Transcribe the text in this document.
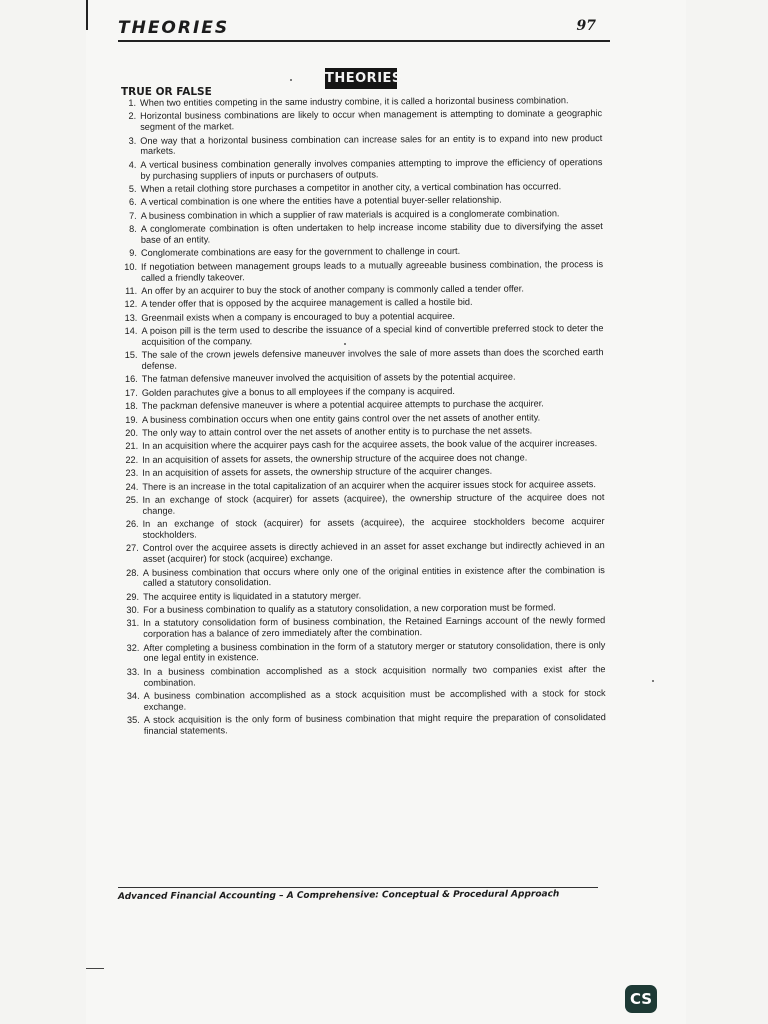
THEORIES	97
THEORIES
TRUE OR FALSE
1. When two entities competing in the same industry combine, it is called a horizontal business combination.
2. Horizontal business combinations are likely to occur when management is attempting to dominate a geographic segment of the market.
3. One way that a horizontal business combination can increase sales for an entity is to expand into new product markets.
4. A vertical business combination generally involves companies attempting to improve the efficiency of operations by purchasing suppliers of inputs or purchasers of outputs.
5. When a retail clothing store purchases a competitor in another city, a vertical combination has occurred.
6. A vertical combination is one where the entities have a potential buyer-seller relationship.
7. A business combination in which a supplier of raw materials is acquired is a conglomerate combination.
8. A conglomerate combination is often undertaken to help increase income stability due to diversifying the asset base of an entity.
9. Conglomerate combinations are easy for the government to challenge in court.
10. If negotiation between management groups leads to a mutually agreeable business combination, the process is called a friendly takeover.
11. An offer by an acquirer to buy the stock of another company is commonly called a tender offer.
12. A tender offer that is opposed by the acquiree management is called a hostile bid.
13. Greenmail exists when a company is encouraged to buy a potential acquiree.
14. A poison pill is the term used to describe the issuance of a special kind of convertible preferred stock to deter the acquisition of the company.
15. The sale of the crown jewels defensive maneuver involves the sale of more assets than does the scorched earth defense.
16. The fatman defensive maneuver involved the acquisition of assets by the potential acquiree.
17. Golden parachutes give a bonus to all employees if the company is acquired.
18. The packman defensive maneuver is where a potential acquiree attempts to purchase the acquirer.
19. A business combination occurs when one entity gains control over the net assets of another entity.
20. The only way to attain control over the net assets of another entity is to purchase the net assets.
21. In an acquisition where the acquirer pays cash for the acquiree assets, the book value of the acquirer increases.
22. In an acquisition of assets for assets, the ownership structure of the acquiree does not change.
23. In an acquisition of assets for assets, the ownership structure of the acquirer changes.
24. There is an increase in the total capitalization of an acquirer when the acquirer issues stock for acquiree assets.
25. In an exchange of stock (acquirer) for assets (acquiree), the ownership structure of the acquiree does not change.
26. In an exchange of stock (acquirer) for assets (acquiree), the acquiree stockholders become acquirer stockholders.
27. Control over the acquiree assets is directly achieved in an asset for asset exchange but indirectly achieved in an asset (acquirer) for stock (acquiree) exchange.
28. A business combination that occurs where only one of the original entities in existence after the combination is called a statutory consolidation.
29. The acquiree entity is liquidated in a statutory merger.
30. For a business combination to qualify as a statutory consolidation, a new corporation must be formed.
31. In a statutory consolidation form of business combination, the Retained Earnings account of the newly formed corporation has a balance of zero immediately after the combination.
32. After completing a business combination in the form of a statutory merger or statutory consolidation, there is only one legal entity in existence.
33. In a business combination accomplished as a stock acquisition normally two companies exist after the combination.
34. A business combination accomplished as a stock acquisition must be accomplished with a stock for stock exchange.
35. A stock acquisition is the only form of business combination that might require the preparation of consolidated financial statements.
Advanced Financial Accounting – A Comprehensive: Conceptual & Procedural Approach
CS
